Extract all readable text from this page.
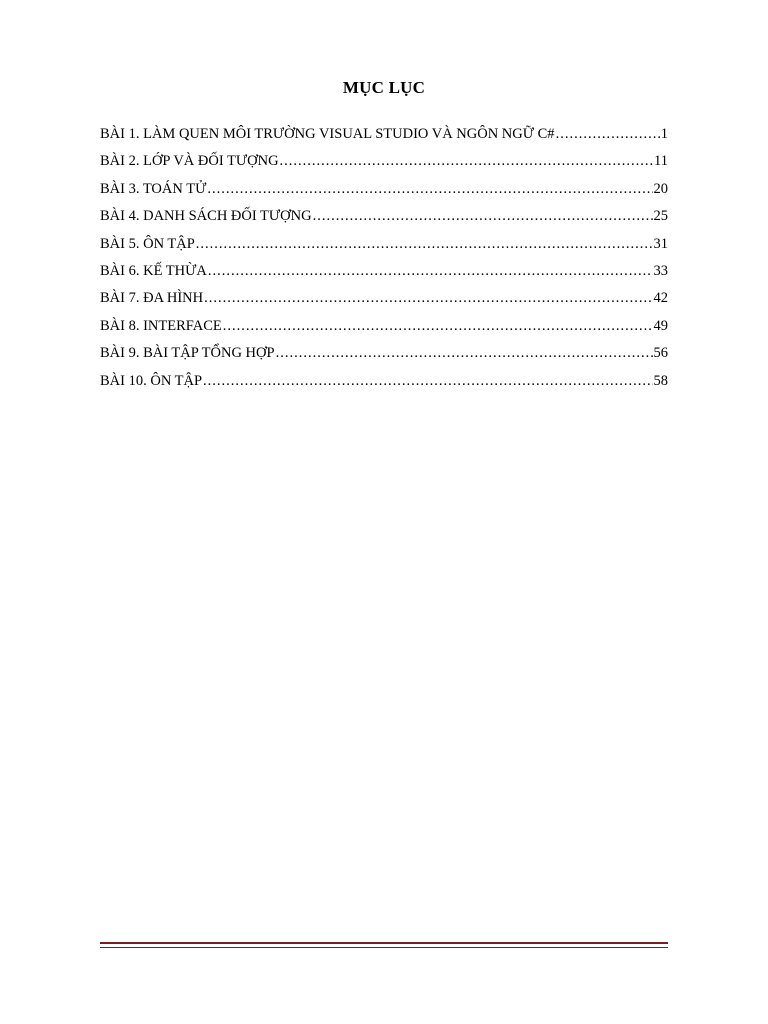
MỤC LỤC
BÀI 1. LÀM QUEN MÔI TRƯỜNG VISUAL STUDIO VÀ NGÔN NGỮ C# .....	1
BÀI 2. LỚP VÀ ĐỐI TƯỢNG .....	11
BÀI 3. TOÁN TỬ .....	20
BÀI 4. DANH SÁCH ĐỐI TƯỢNG .....	25
BÀI 5. ÔN TẬP .....	31
BÀI 6. KẾ THỪA .....	33
BÀI 7. ĐA HÌNH .....	42
BÀI 8. INTERFACE .....	49
BÀI 9. BÀI TẬP TỔNG HỢP .....	56
BÀI 10. ÔN TẬP .....	58
